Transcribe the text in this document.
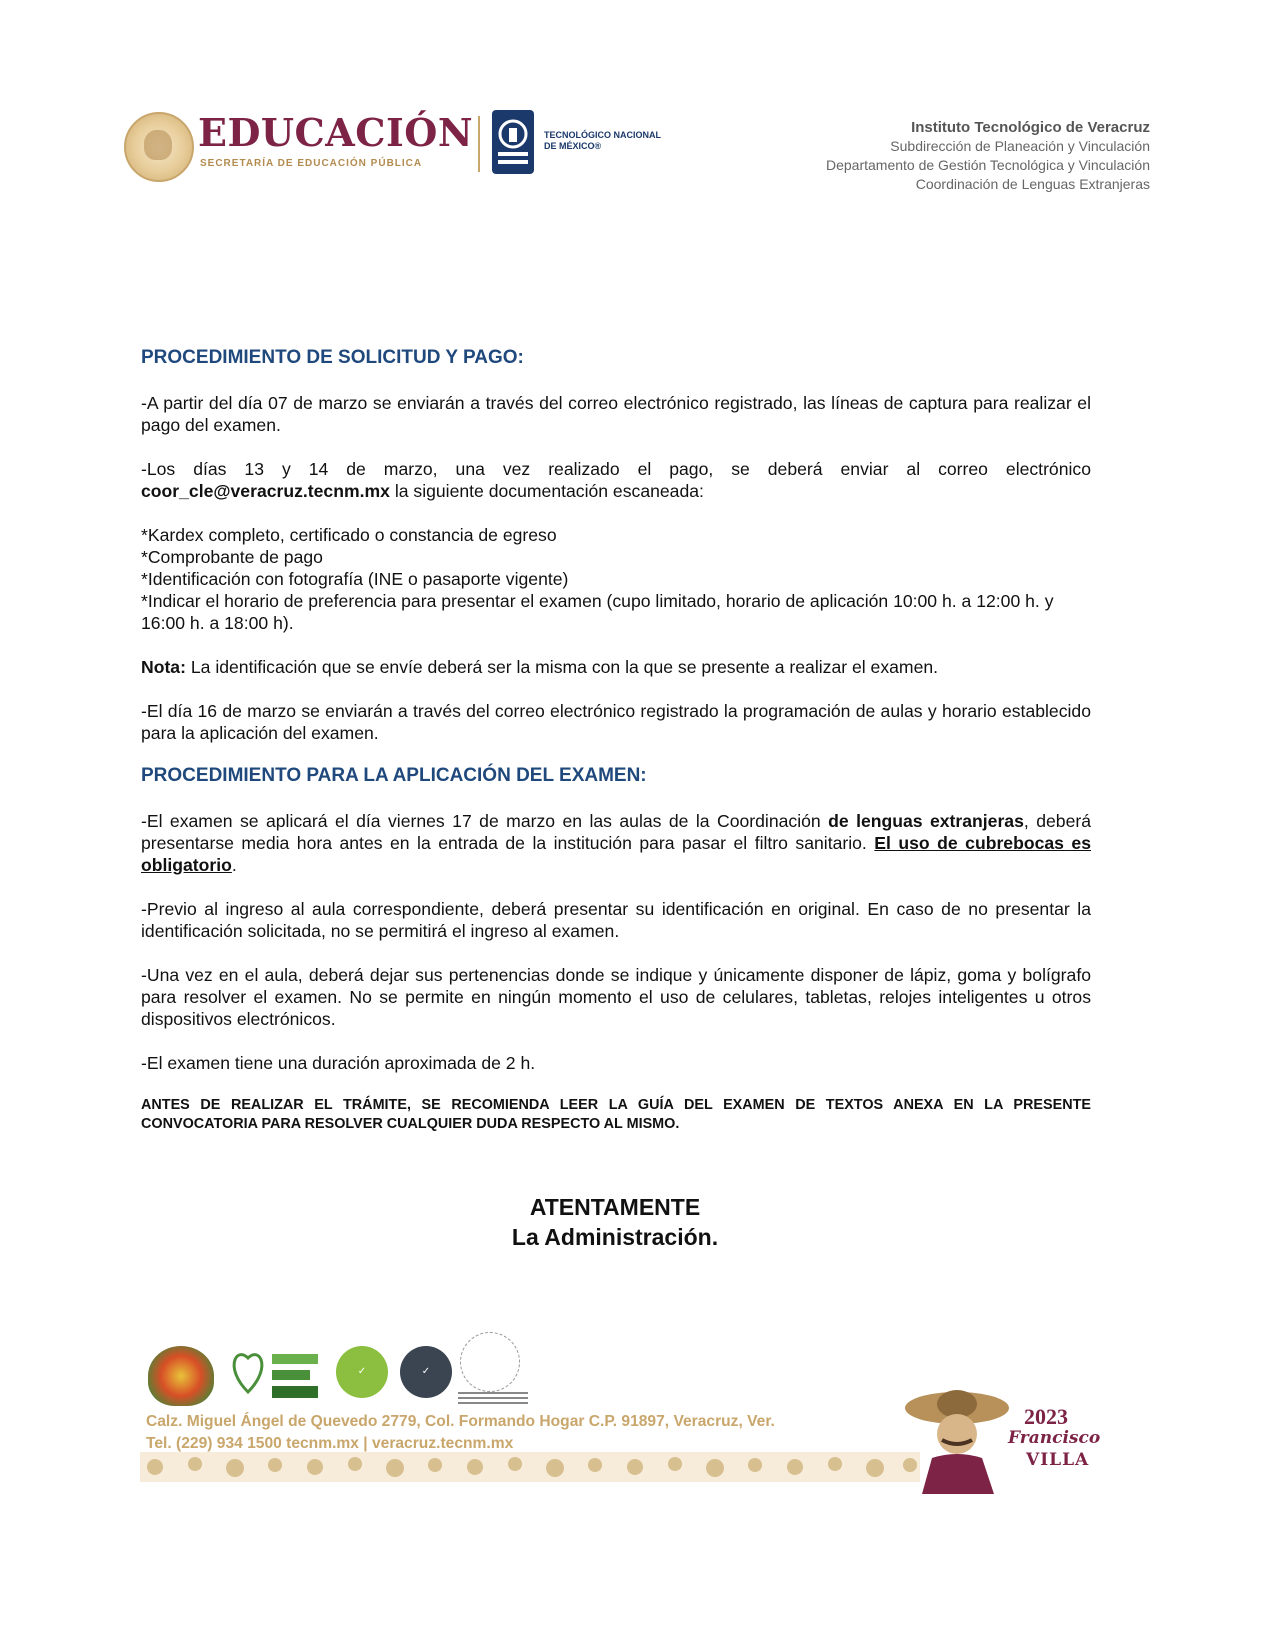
EDUCACIÓN
SECRETARÍA DE EDUCACIÓN PÚBLICA
TECNOLÓGICO NACIONAL DE MÉXICO®
Instituto Tecnológico de Veracruz
Subdirección de Planeación y Vinculación
Departamento de Gestión Tecnológica y Vinculación
Coordinación de Lenguas Extranjeras

PROCEDIMIENTO DE SOLICITUD Y PAGO:

-A partir del día 07 de marzo se enviarán a través del correo electrónico registrado, las líneas de captura para realizar el pago del examen.

-Los días 13 y 14 de marzo, una vez realizado el pago, se deberá enviar al correo electrónico coor_cle@veracruz.tecnm.mx la siguiente documentación escaneada:

*Kardex completo, certificado o constancia de egreso

*Comprobante de pago

*Identificación con fotografía (INE o pasaporte vigente)

*Indicar el horario de preferencia para presentar el examen (cupo limitado, horario de aplicación 10:00 h. a 12:00 h. y 16:00 h. a 18:00 h).

Nota: La identificación que se envíe deberá ser la misma con la que se presente a realizar el examen.

-El día 16 de marzo se enviarán a través del correo electrónico registrado la programación de aulas y horario establecido para la aplicación del examen.

PROCEDIMIENTO PARA LA APLICACIÓN DEL EXAMEN:

-El examen se aplicará el día viernes 17 de marzo en las aulas de la Coordinación de lenguas extranjeras, deberá presentarse media hora antes en la entrada de la institución para pasar el filtro sanitario. El uso de cubrebocas es obligatorio.

-Previo al ingreso al aula correspondiente, deberá presentar su identificación en original. En caso de no presentar la identificación solicitada, no se permitirá el ingreso al examen.

-Una vez en el aula, deberá dejar sus pertenencias donde se indique y únicamente disponer de lápiz, goma y bolígrafo para resolver el examen. No se permite en ningún momento el uso de celulares, tabletas, relojes inteligentes u otros dispositivos electrónicos.

-El examen tiene una duración aproximada de 2 h.

ANTES DE REALIZAR EL TRÁMITE, SE RECOMIENDA LEER LA GUÍA DEL EXAMEN DE TEXTOS ANEXA EN LA PRESENTE CONVOCATORIA PARA RESOLVER CUALQUIER DUDA RESPECTO AL MISMO.

ATENTAMENTE
La Administración.
✓	✓
Calz. Miguel Ángel de Quevedo 2779, Col. Formando Hogar C.P. 91897, Veracruz, Ver.
Tel. (229) 934 1500 tecnm.mx | veracruz.tecnm.mx
2023
Francisco
VILLA
